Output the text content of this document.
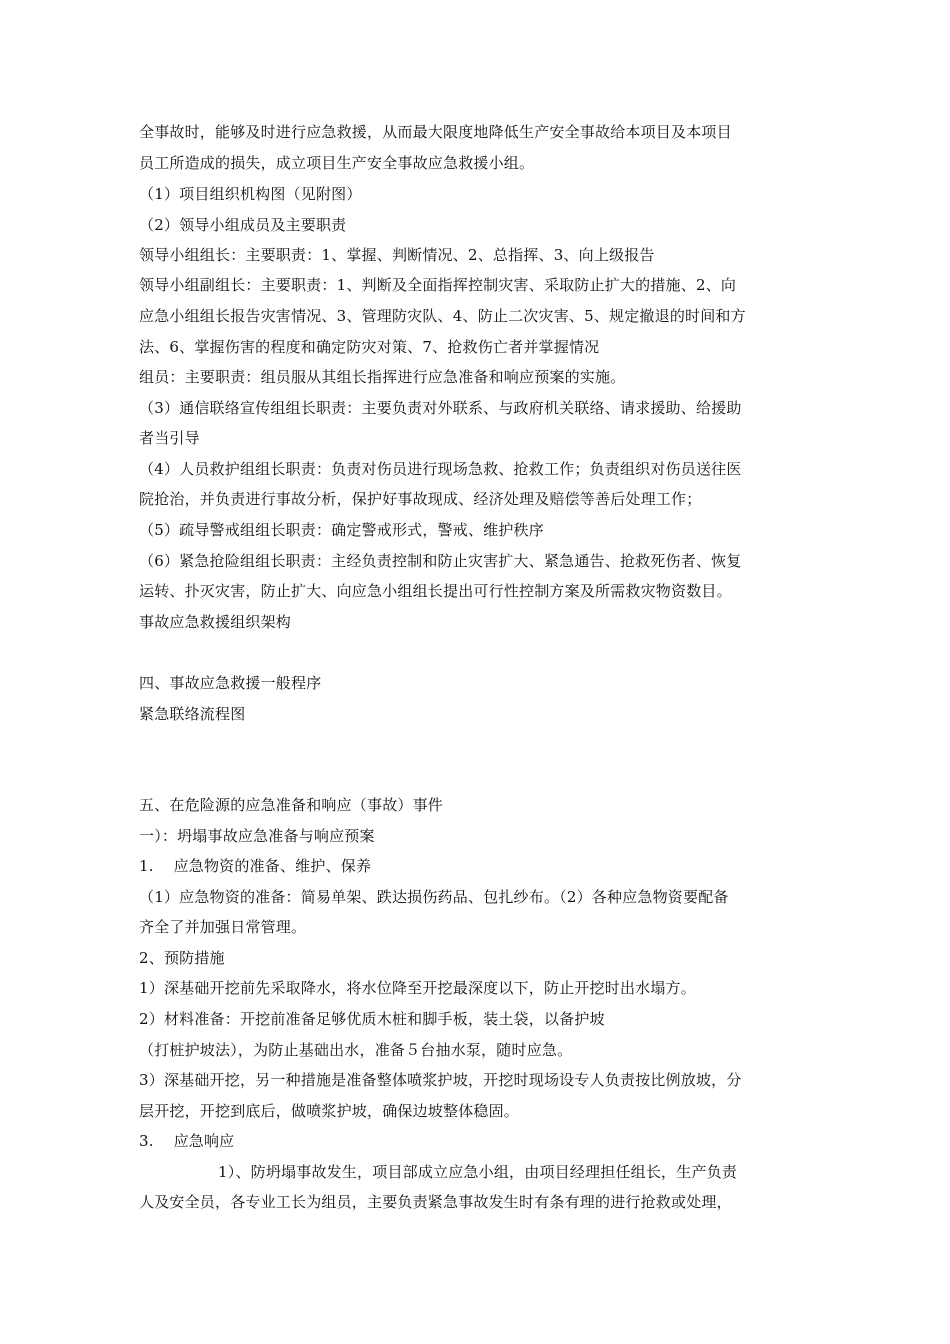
全事故时，能够及时进行应急救援，从而最大限度地降低生产安全事故给本项目及本项目
员工所造成的损失，成立项目生产安全事故应急救援小组。
（1）项目组织机构图（见附图）
（2）领导小组成员及主要职责
领导小组组长：主要职责：1、掌握、判断情况、2、总指挥、3、向上级报告
领导小组副组长：主要职责：1、判断及全面指挥控制灾害、采取防止扩大的措施、2、向
应急小组组长报告灾害情况、3、管理防灾队、4、防止二次灾害、5、规定撤退的时间和方
法、6、掌握伤害的程度和确定防灾对策、7、抢救伤亡者并掌握情况
组员：主要职责：组员服从其组长指挥进行应急准备和响应预案的实施。
（3）通信联络宣传组组长职责：主要负责对外联系、与政府机关联络、请求援助、给援助
者当引导
（4）人员救护组组长职责：负责对伤员进行现场急救、抢救工作；负责组织对伤员送往医
院抢治，并负责进行事故分析，保护好事故现成、经济处理及赔偿等善后处理工作；
（5）疏导警戒组组长职责：确定警戒形式，警戒、维护秩序
（6）紧急抢险组组长职责：主经负责控制和防止灾害扩大、紧急通告、抢救死伤者、恢复
运转、扑灭灾害，防止扩大、向应急小组组长提出可行性控制方案及所需救灾物资数目。
事故应急救援组织架构
四、事故应急救援一般程序
紧急联络流程图
五、在危险源的应急准备和响应（事故）事件
一）：坍塌事故应急准备与响应预案
1.    应急物资的准备、维护、保养
（1）应急物资的准备：简易单架、跌达损伤药品、包扎纱布。（2）各种应急物资要配备
齐全了并加强日常管理。
2、预防措施
1）深基础开挖前先采取降水，将水位降至开挖最深度以下，防止开挖时出水塌方。
2）材料准备：开挖前准备足够优质木桩和脚手板，装土袋，以备护坡
（打桩护坡法），为防止基础出水，准备５台抽水泵，随时应急。
3）深基础开挖，另一种措施是准备整体喷浆护坡，开挖时现场设专人负责按比例放坡，分
层开挖，开挖到底后，做喷浆护坡，确保边坡整体稳固。
3.    应急响应
1）、防坍塌事故发生，项目部成立应急小组，由项目经理担任组长，生产负责
人及安全员，各专业工长为组员，主要负责紧急事故发生时有条有理的进行抢救或处理，
